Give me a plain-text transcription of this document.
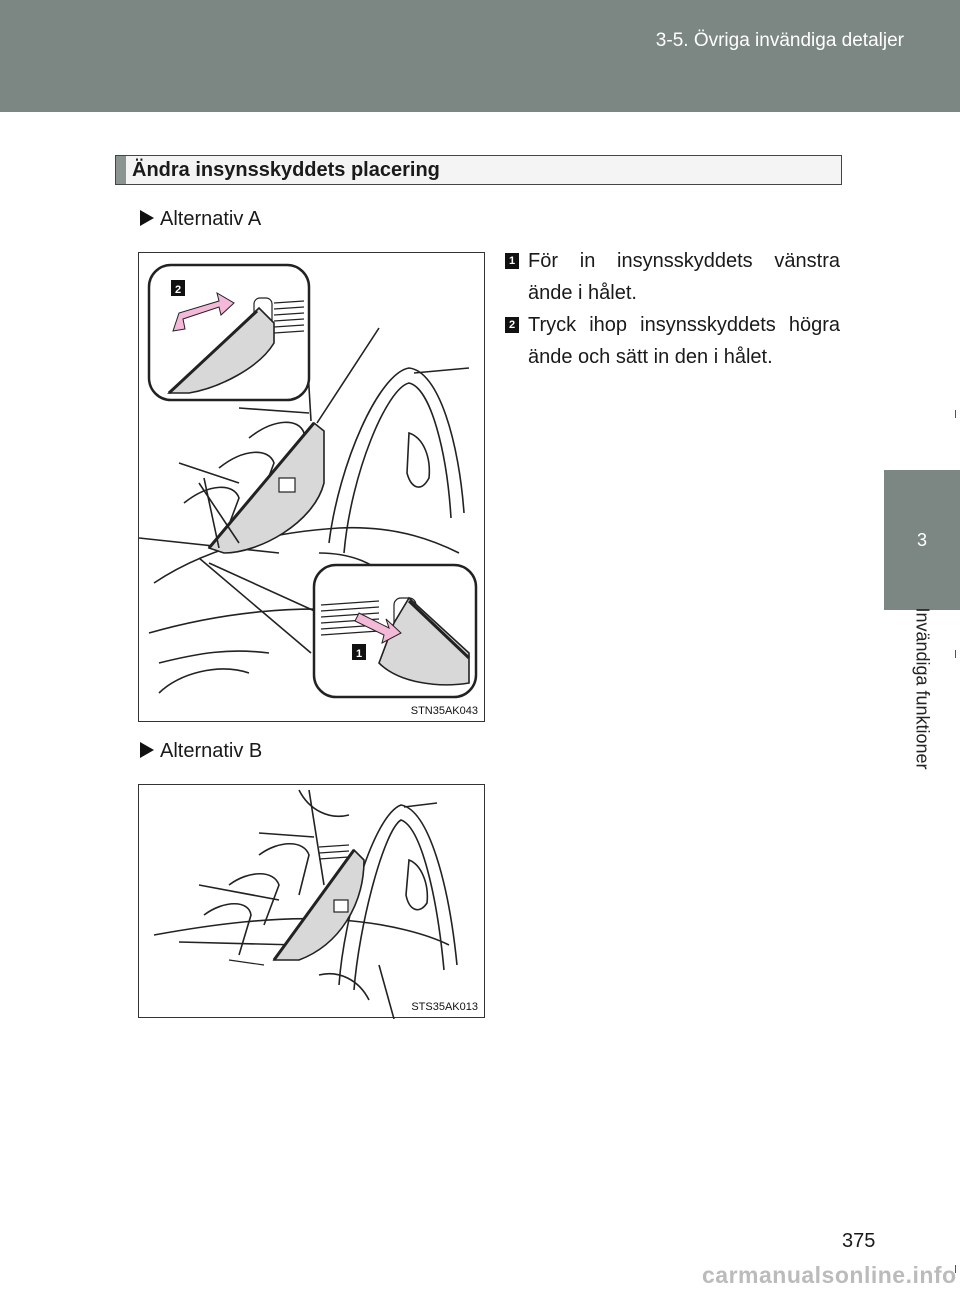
3-5. Övriga invändiga detaljer
3
Invändiga funktioner
Ändra insynsskyddets placering
Alternativ A
2
1
STN35AK043
1 För in insynsskyddets vänstra ände i hålet.
2 Tryck ihop insynsskyddets högra ände och sätt in den i hålet.
Alternativ B
STS35AK013
375
carmanualsonline.info
